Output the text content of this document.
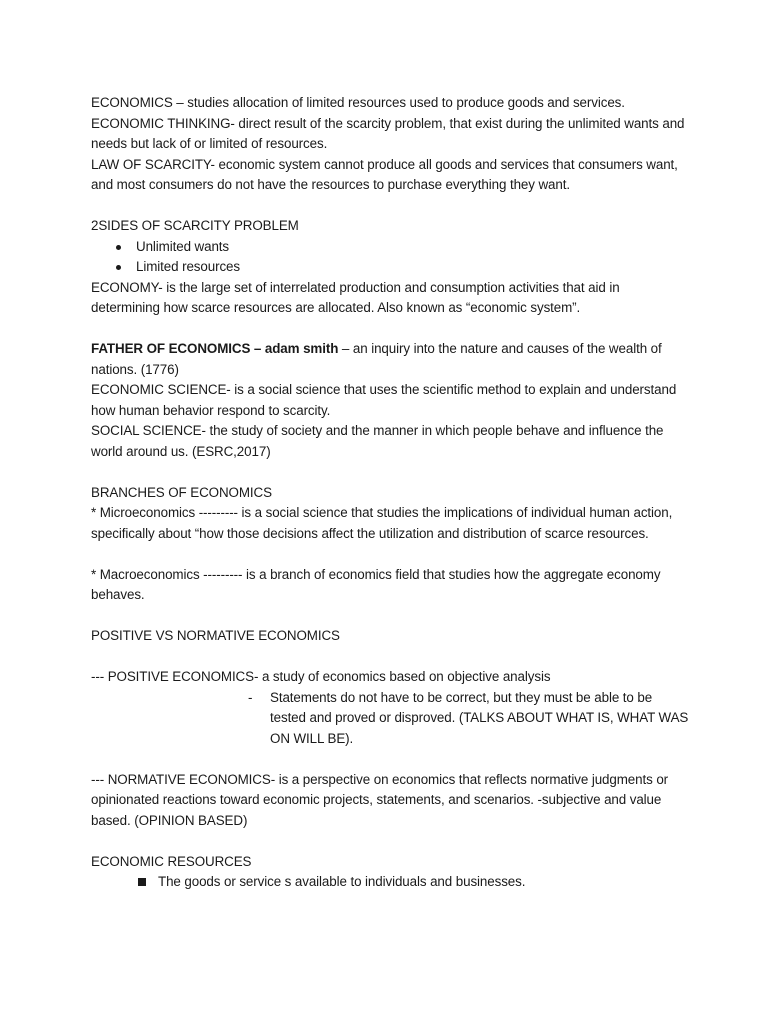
ECONOMICS – studies allocation of limited resources used to produce goods and services.

ECONOMIC THINKING- direct result of the scarcity problem, that exist during the unlimited wants and needs but lack of or limited of resources.

LAW OF SCARCITY- economic system cannot produce all goods and services that consumers want, and most consumers do not have the resources to purchase everything they want.

2SIDES OF SCARCITY PROBLEM

Unlimited wants
Limited resources

ECONOMY- is the large set of interrelated production and consumption activities that aid in determining how scarce resources are allocated. Also known as “economic system”.

FATHER OF ECONOMICS – adam smith – an inquiry into the nature and causes of the wealth of nations. (1776)

ECONOMIC SCIENCE- is a social science that uses the scientific method to explain and understand how human behavior respond to scarcity.

SOCIAL SCIENCE- the study of society and the manner in which people behave and influence the world around us. (ESRC,2017)

BRANCHES OF ECONOMICS

* Microeconomics --------- is a social science that studies the implications of individual human action, specifically about “how those decisions affect the utilization and distribution of scarce resources.

* Macroeconomics --------- is a branch of economics field that studies how the aggregate economy behaves.

POSITIVE VS NORMATIVE ECONOMICS

--- POSITIVE ECONOMICS- a study of economics based on objective analysis

- Statements do not have to be correct, but they must be able to be tested and proved or disproved. (TALKS ABOUT WHAT IS, WHAT WAS ON WILL BE).

--- NORMATIVE ECONOMICS- is a perspective on economics that reflects normative judgments or opinionated reactions toward economic projects, statements, and scenarios. -subjective and value based. (OPINION BASED)

ECONOMIC RESOURCES

The goods or service s available to individuals and businesses.
